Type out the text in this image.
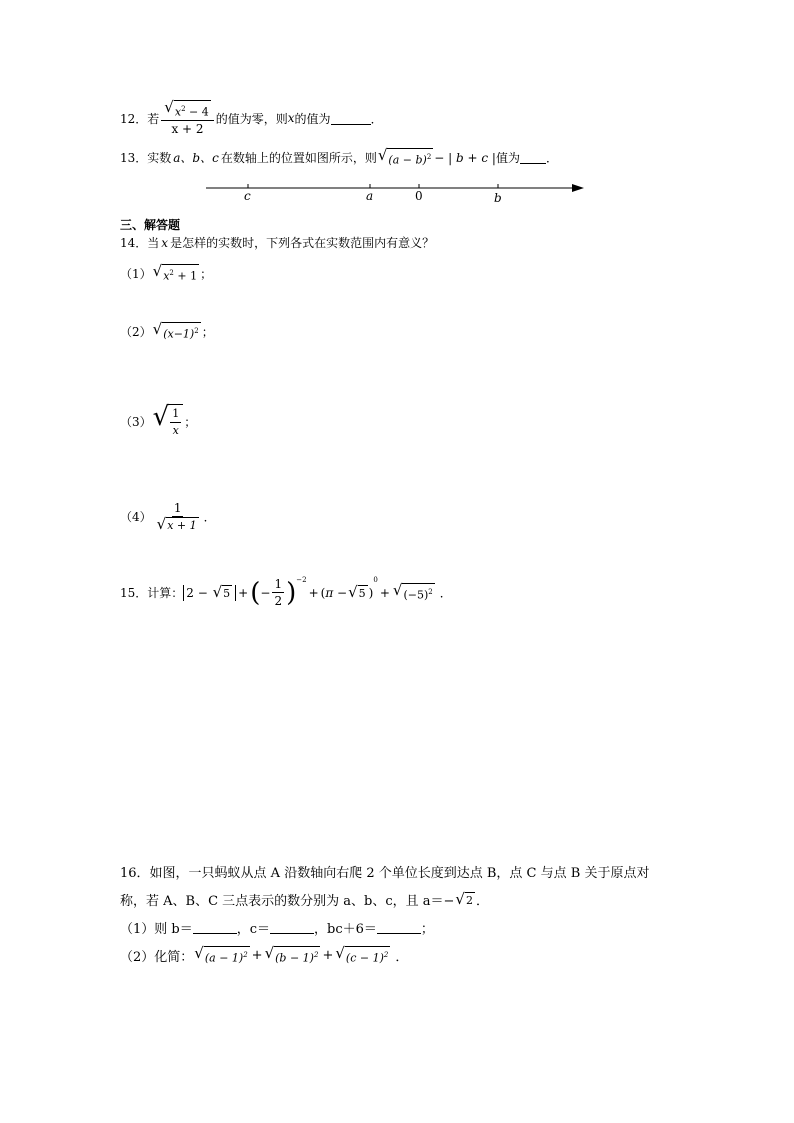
12．若 $\frac{√ x^2 - 4}{x + 2}$ 的值为零，则 x 的值为	．
13．实数 a、b、c 在数轴上的位置如图所示，则 √ $(a - b)^2$ − | b + c | 值为 ．
c	a	0	b
三、解答题
14．当 x 是怎样的实数时，下列各式在实数范围内有意义？
（1） √ $x^2 + 1$ ；
（2） √ $(x-1)^2$ ；
（3） √ $\frac{1}{x}$ ；
$(4) \frac{1}{√ x + 1}$ ．
15．计算： 2 − √ 5 + ( − $\frac{1}{2} )^{-2}$
+ ( π − √ 5 )
0
+ √ $(-5)^2$ ．
16．如图，一只蚂蚁从点 A 沿数轴向右爬 2 个单位长度到达点 B，点 C 与点 B 关于原点对
称，若 A、B、C 三点表示的数分别为 a、b、c，且 a＝− √ 2 ．
（1）则 b＝	，c＝	，bc＋6＝	；
（2）化简： √ $(a - 1)^2$ + √ $(b - 1)^2$ + √ $(c - 1)^2$ ．
